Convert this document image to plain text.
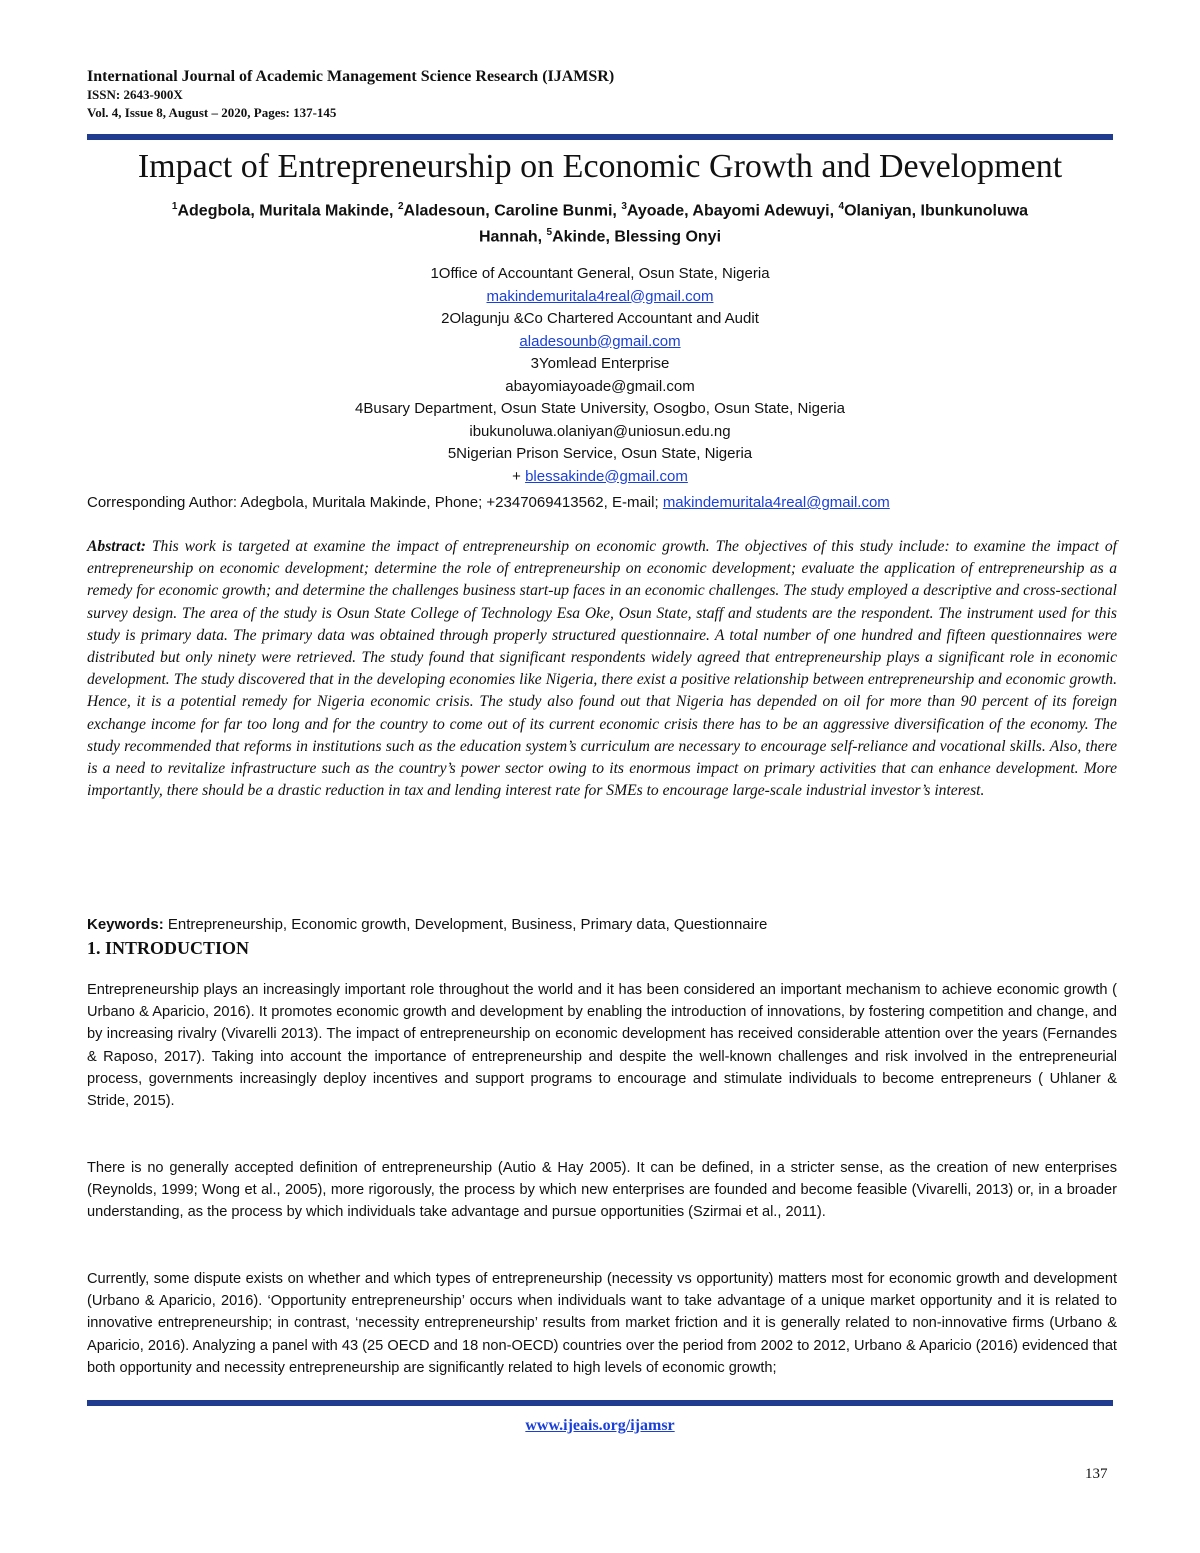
International Journal of Academic Management Science Research (IJAMSR)
ISSN: 2643-900X
Vol. 4, Issue 8, August – 2020, Pages: 137-145
Impact of Entrepreneurship on Economic Growth and Development
$^1$Adegbola, Muritala Makinde, $^2$Aladesoun, Caroline Bunmi, $^3$Ayoade, Abayomi Adewuyi, $^4$Olaniyan, Ibunkunoluwa Hannah, $^5$Akinde, Blessing Onyi
1Office of Accountant General, Osun State, Nigeria
makindemuritala4real@gmail.com
2Olagunju &Co Chartered Accountant and Audit
aladesounb@gmail.com
3Yomlead Enterprise
abayomiayoade@gmail.com
4Busary Department, Osun State University, Osogbo, Osun State, Nigeria
ibukunoluwa.olaniyan@uniosun.edu.ng
5Nigerian Prison Service, Osun State, Nigeria
+ blessakinde@gmail.com
Corresponding Author: Adegbola, Muritala Makinde, Phone; +2347069413562, E-mail; makindemuritala4real@gmail.com
Abstract: This work is targeted at examine the impact of entrepreneurship on economic growth. The objectives of this study include: to examine the impact of entrepreneurship on economic development; determine the role of entrepreneurship on economic development; evaluate the application of entrepreneurship as a remedy for economic growth; and determine the challenges business start-up faces in an economic challenges. The study employed a descriptive and cross-sectional survey design. The area of the study is Osun State College of Technology Esa Oke, Osun State, staff and students are the respondent. The instrument used for this study is primary data. The primary data was obtained through properly structured questionnaire. A total number of one hundred and fifteen questionnaires were distributed but only ninety were retrieved. The study found that significant respondents widely agreed that entrepreneurship plays a significant role in economic development. The study discovered that in the developing economies like Nigeria, there exist a positive relationship between entrepreneurship and economic growth. Hence, it is a potential remedy for Nigeria economic crisis. The study also found out that Nigeria has depended on oil for more than 90 percent of its foreign exchange income for far too long and for the country to come out of its current economic crisis there has to be an aggressive diversification of the economy. The study recommended that reforms in institutions such as the education system’s curriculum are necessary to encourage self-reliance and vocational skills. Also, there is a need to revitalize infrastructure such as the country’s power sector owing to its enormous impact on primary activities that can enhance development. More importantly, there should be a drastic reduction in tax and lending interest rate for SMEs to encourage large-scale industrial investor’s interest.
Keywords: Entrepreneurship, Economic growth, Development, Business, Primary data, Questionnaire
1. INTRODUCTION
Entrepreneurship plays an increasingly important role throughout the world and it has been considered an important mechanism to achieve economic growth ( Urbano & Aparicio, 2016). It promotes economic growth and development by enabling the introduction of innovations, by fostering competition and change, and by increasing rivalry (Vivarelli 2013). The impact of entrepreneurship on economic development has received considerable attention over the years (Fernandes & Raposo, 2017). Taking into account the importance of entrepreneurship and despite the well-known challenges and risk involved in the entrepreneurial process, governments increasingly deploy incentives and support programs to encourage and stimulate individuals to become entrepreneurs ( Uhlaner & Stride, 2015).
There is no generally accepted definition of entrepreneurship (Autio & Hay 2005). It can be defined, in a stricter sense, as the creation of new enterprises (Reynolds, 1999; Wong et al., 2005), more rigorously, the process by which new enterprises are founded and become feasible (Vivarelli, 2013) or, in a broader understanding, as the process by which individuals take advantage and pursue opportunities (Szirmai et al., 2011).
Currently, some dispute exists on whether and which types of entrepreneurship (necessity vs opportunity) matters most for economic growth and development (Urbano & Aparicio, 2016). ‘Opportunity entrepreneurship’ occurs when individuals want to take advantage of a unique market opportunity and it is related to innovative entrepreneurship; in contrast, ‘necessity entrepreneurship’ results from market friction and it is generally related to non-innovative firms (Urbano & Aparicio, 2016). Analyzing a panel with 43 (25 OECD and 18 non-OECD) countries over the period from 2002 to 2012, Urbano & Aparicio (2016) evidenced that both opportunity and necessity entrepreneurship are significantly related to high levels of economic growth;
www.ijeais.org/ijamsr
137
